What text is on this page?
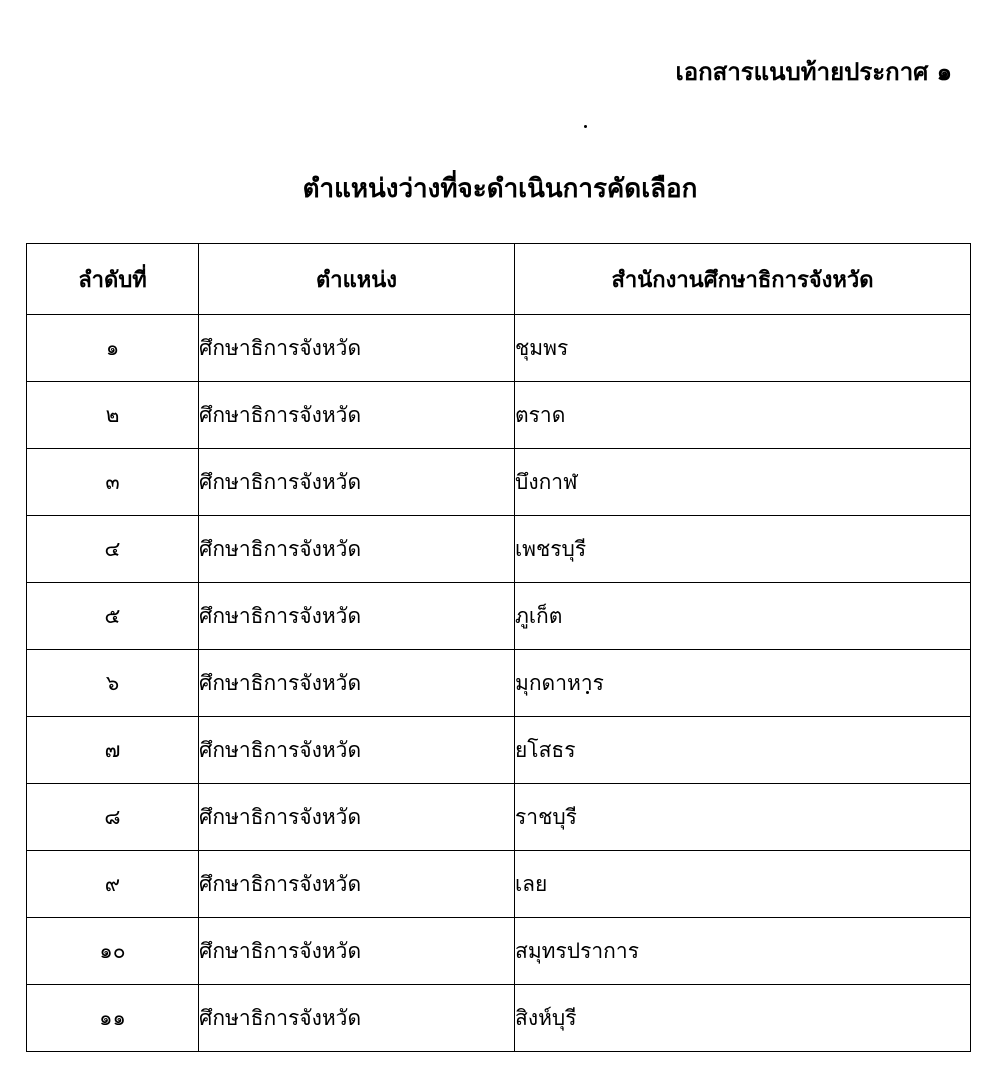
เอกสารแนบท้ายประกาศ ๑
ตำแหน่งว่างที่จะดำเนินการคัดเลือก
ลำดับที่	ตำแหน่ง	สำนักงานศึกษาธิการจังหวัด
๑	ศึกษาธิการจังหวัด	ชุมพร
๒	ศึกษาธิการจังหวัด	ตราด
๓	ศึกษาธิการจังหวัด	บึงกาฬ
๔	ศึกษาธิการจังหวัด	เพชรบุรี
๕	ศึกษาธิการจังหวัด	ภูเก็ต
๖	ศึกษาธิการจังหวัด	มุกดาหาร
๗	ศึกษาธิการจังหวัด	ยโสธร
๘	ศึกษาธิการจังหวัด	ราชบุรี
๙	ศึกษาธิการจังหวัด	เลย
๑๐	ศึกษาธิการจังหวัด	สมุทรปราการ
๑๑	ศึกษาธิการจังหวัด	สิงห์บุรี
